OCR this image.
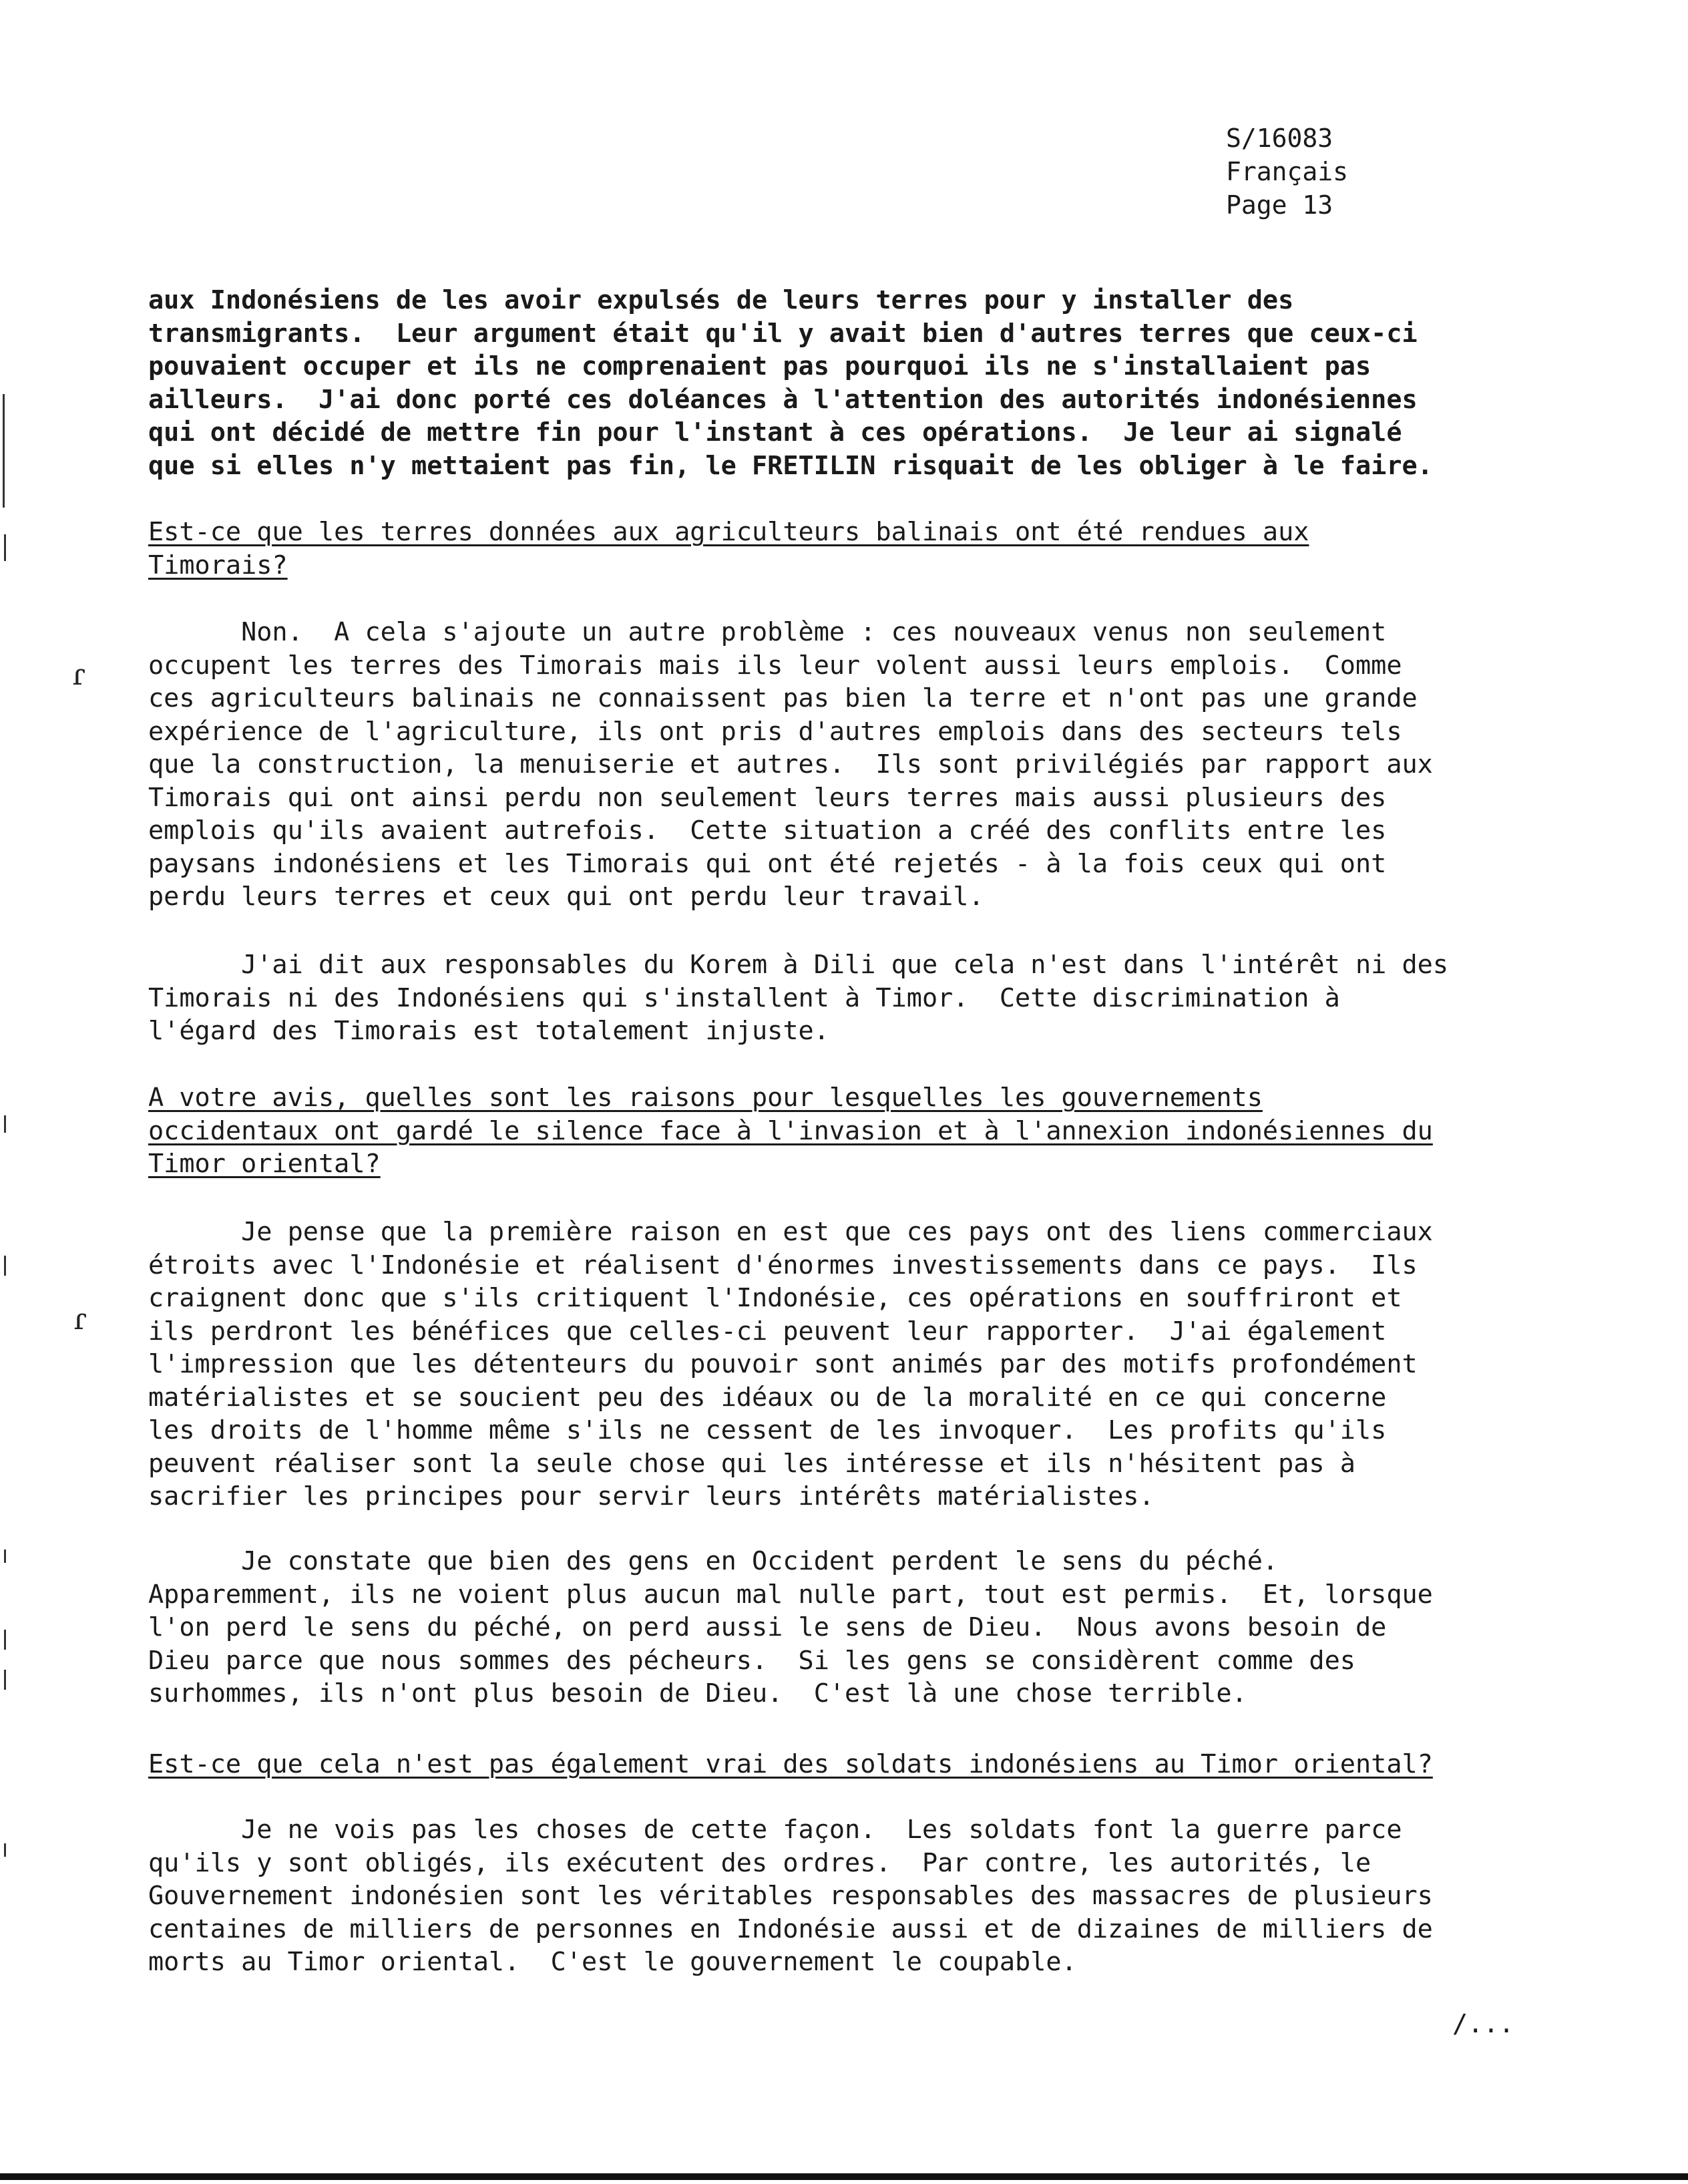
S/16083
Français
Page 13
aux Indonésiens de les avoir expulsés de leurs terres pour y installer des
transmigrants.  Leur argument était qu'il y avait bien d'autres terres que ceux-ci
pouvaient occuper et ils ne comprenaient pas pourquoi ils ne s'installaient pas
ailleurs.  J'ai donc porté ces doléances à l'attention des autorités indonésiennes
qui ont décidé de mettre fin pour l'instant à ces opérations.  Je leur ai signalé
que si elles n'y mettaient pas fin, le FRETILIN risquait de les obliger à le faire.
Est-ce que les terres données aux agriculteurs balinais ont été rendues aux
Timorais?
Non.  A cela s'ajoute un autre problème : ces nouveaux venus non seulement
occupent les terres des Timorais mais ils leur volent aussi leurs emplois.  Comme
ces agriculteurs balinais ne connaissent pas bien la terre et n'ont pas une grande
expérience de l'agriculture, ils ont pris d'autres emplois dans des secteurs tels
que la construction, la menuiserie et autres.  Ils sont privilégiés par rapport aux
Timorais qui ont ainsi perdu non seulement leurs terres mais aussi plusieurs des
emplois qu'ils avaient autrefois.  Cette situation a créé des conflits entre les
paysans indonésiens et les Timorais qui ont été rejetés - à la fois ceux qui ont
perdu leurs terres et ceux qui ont perdu leur travail.
J'ai dit aux responsables du Korem à Dili que cela n'est dans l'intérêt ni des
Timorais ni des Indonésiens qui s'installent à Timor.  Cette discrimination à
l'égard des Timorais est totalement injuste.
A votre avis, quelles sont les raisons pour lesquelles les gouvernements
occidentaux ont gardé le silence face à l'invasion et à l'annexion indonésiennes du
Timor oriental?
Je pense que la première raison en est que ces pays ont des liens commerciaux
étroits avec l'Indonésie et réalisent d'énormes investissements dans ce pays.  Ils
craignent donc que s'ils critiquent l'Indonésie, ces opérations en souffriront et
ils perdront les bénéfices que celles-ci peuvent leur rapporter.  J'ai également
l'impression que les détenteurs du pouvoir sont animés par des motifs profondément
matérialistes et se soucient peu des idéaux ou de la moralité en ce qui concerne
les droits de l'homme même s'ils ne cessent de les invoquer.  Les profits qu'ils
peuvent réaliser sont la seule chose qui les intéresse et ils n'hésitent pas à
sacrifier les principes pour servir leurs intérêts matérialistes.
Je constate que bien des gens en Occident perdent le sens du péché.
Apparemment, ils ne voient plus aucun mal nulle part, tout est permis.  Et, lorsque
l'on perd le sens du péché, on perd aussi le sens de Dieu.  Nous avons besoin de
Dieu parce que nous sommes des pécheurs.  Si les gens se considèrent comme des
surhommes, ils n'ont plus besoin de Dieu.  C'est là une chose terrible.
Est-ce que cela n'est pas également vrai des soldats indonésiens au Timor oriental?
Je ne vois pas les choses de cette façon.  Les soldats font la guerre parce
qu'ils y sont obligés, ils exécutent des ordres.  Par contre, les autorités, le
Gouvernement indonésien sont les véritables responsables des massacres de plusieurs
centaines de milliers de personnes en Indonésie aussi et de dizaines de milliers de
morts au Timor oriental.  C'est le gouvernement le coupable.
/...
ɾ
ɾ
